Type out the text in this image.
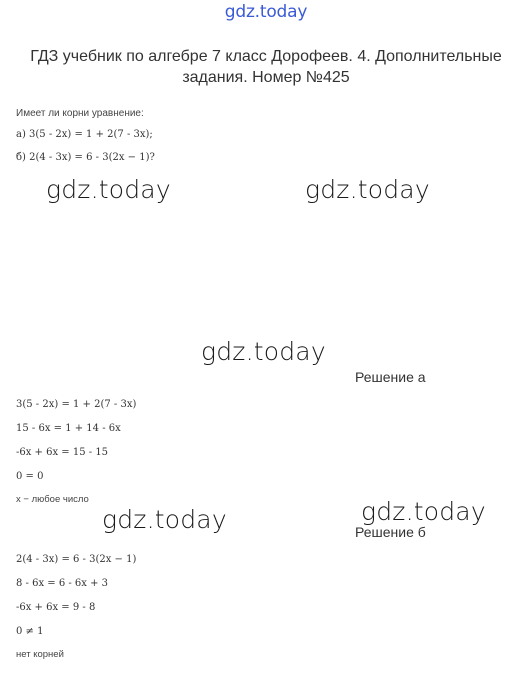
gdz.today
ГДЗ учебник по алгебре 7 класс Дорофеев. 4. Дополнительные задания. Номер №425
Имеет ли корни уравнение:
а) 3(5 - 2x) = 1 + 2(7 - 3x);
б) 2(4 - 3x) = 6 - 3(2x − 1)?
gdz.today	gdz.today
gdz.today
Решение а
3(5 - 2x) = 1 + 2(7 - 3x)
15 - 6x = 1 + 14 - 6x
-6x + 6x = 15 - 15
0 = 0
x − любое число
gdz.today	gdz.today
Решение б
2(4 - 3x) = 6 - 3(2x − 1)
8 - 6x = 6 - 6x + 3
-6x + 6x = 9 - 8
0 ≠ 1
нет корней
